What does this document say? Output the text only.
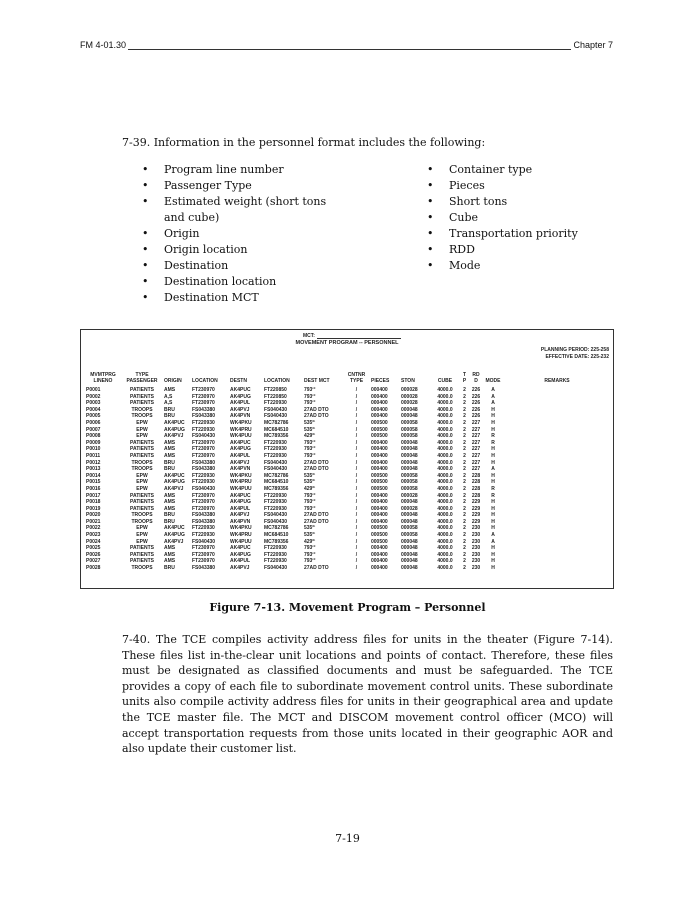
FM 4-01.30	Chapter 7
7-39. Information in the personnel format includes the following:
• Program line number
• Passenger Type
• Estimated weight (short tons and cube)
• Origin
• Origin location
• Destination
• Destination location
• Destination MCT
• Container type
• Pieces
• Short tons
• Cube
• Transportation priority
• RDD
• Mode
MCT:
MOVEMENT PROGRAM -- PERSONNEL
PLANNING PERIOD: 225-258
EFFECTIVE DATE: 225-232
MVMTPRG
LINENO	TYPE
PASSENGER	ORIGIN	LOCATION	DESTN	LOCATION	DEST MCT	CNTNR
TYPE	PIECES	STON	CUBE	T
P	RD
D	MODE	REMARKS
P0001	PATIENTS	AMS	FT230970	AK4PUC	FT220850	793rd	/	000400	000028	4000.0	2	226	A	
P0002	PATIENTS	A,S	FT230970	AK4PUG	FT220850	793rd	/	000400	000028	4000.0	2	226	A	
P0003	PATIENTS	A,S	FT230970	AK4PUL	FT220930	793rd	/	000400	000028	4000.0	2	226	A	
P0004	TROOPS	BRU	FS043380	AK4PVJ	FS040430	27AD DTO	/	000400	000048	4000.0	2	226	H	
P0005	TROOPS	BRU	FS043380	AK4PVN	FS040430	27AD DTO	/	000400	000048	4000.0	2	226	H	
P0006	EPW	AK4PUC	FT220930	WK4PKU	MC782786	535th	/	000500	000058	4000.0	2	227	H	
P0007	EPW	AK4PUG	FT220930	WK4PRU	MC684510	535th	/	000500	000058	4000.0	2	227	H	
P0008	EPW	AK4PVJ	FS040430	WK4PUU	MC789356	429th	/	000500	000058	4000.0	2	227	R	
P0009	PATIENTS	AMS	FT230970	AK4PUC	FT220930	793rd	/	000400	000048	4000.0	2	227	R	
P0010	PATIENTS	AMS	FT230970	AK4PUG	FT220930	793rd	/	000400	000048	4000.0	2	227	H	
P0011	PATIENTS	AMS	FT230970	AK4PUL	FT220930	793rd	/	000400	000048	4000.0	2	227	H	
P0012	TROOPS	BRU	FS043380	AK4PVJ	FS040430	27AD DTO	/	000400	000048	4000.0	2	227	H	
P0013	TROOPS	BRU	FS043380	AK4PVN	FS040430	27AD DTO	/	000400	000048	4000.0	2	227	A	
P0014	EPW	AK4PUC	FT220930	WK4PKU	MC782786	535th	/	000500	000058	4000.0	2	228	H	
P0015	EPW	AK4PUG	FT220930	WK4PRU	MC684510	535th	/	000500	000058	4000.0	2	228	H	
P0016	EPW	AK4PVJ	FS040430	WK4PUU	MC789356	429th	/	000500	000058	4000.0	2	228	R	
P0017	PATIENTS	AMS	FT230970	AK4PUC	FT220930	793rd	/	000400	000028	4000.0	2	228	R	
P0018	PATIENTS	AMS	FT230970	AK4PUG	FT220930	793rd	/	000400	000048	4000.0	2	229	H	
P0019	PATIENTS	AMS	FT230970	AK4PUL	FT220930	793rd	/	000400	000028	4000.0	2	229	H	
P0020	TROOPS	BRU	FS043380	AK4PVJ	FS040430	27AD DTO	/	000400	000048	4000.0	2	229	H	
P0021	TROOPS	BRU	FS043380	AK4PVN	FS040430	27AD DTO	/	000400	000048	4000.0	2	229	H	
P0022	EPW	AK4PUC	FT220930	WK4PKU	MC782786	535th	/	000500	000058	4000.0	2	230	H	
P0023	EPW	AK4PUG	FT220930	WK4PRU	MC684510	535th	/	000500	000058	4000.0	2	230	A	
P0024	EPW	AK4PVJ	FS040430	WK4PUU	MC789356	429th	/	000500	000048	4000.0	2	230	A	
P0025	PATIENTS	AMS	FT230970	AK4PUC	FT220930	793rd	/	000400	000048	4000.0	2	230	H	
P0026	PATIENTS	AMS	FT230970	AK4PUG	FT220930	793rd	/	000400	000048	4000.0	2	230	H	
P0027	PATIENTS	AMS	FT230970	AK4PUL	FT220930	793rd	/	000400	000048	4000.0	2	230	H	
P0028	TROOPS	BRU	FS043380	AK4PVJ	FS040430	27AD DTO	/	000400	000048	4000.0	2	230	H	
Figure 7-13. Movement Program – Personnel

7-40. The TCE compiles activity address files for units in the theater (Figure 7-14). These files list in-the-clear unit locations and points of contact. Therefore, these files must be designated as classified documents and must be safeguarded. The TCE provides a copy of each file to subordinate movement control units. These subordinate units also compile activity address files for units in their geographical area and update the TCE master file. The MCT and DISCOM movement control officer (MCO) will accept transportation requests from those units located in their geographic AOR and also update their customer list.

7-19
